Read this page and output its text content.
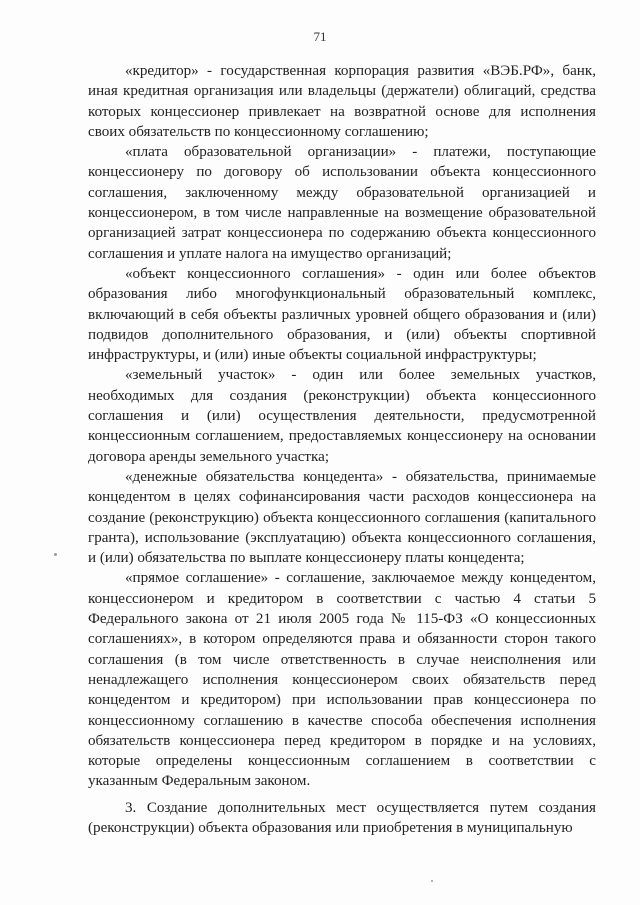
71

«кредитор» - государственная корпорация развития «ВЭБ.РФ», банк, иная кредитная организация или владельцы (держатели) облигаций, средства которых концессионер привлекает на возвратной основе для исполнения своих обязательств по концессионному соглашению;

«плата образовательной организации» - платежи, поступающие концессионеру по договору об использовании объекта концессионного соглашения, заключенному между образовательной организацией и концессионером, в том числе направленные на возмещение образовательной организацией затрат концессионера по содержанию объекта концессионного соглашения и уплате налога на имущество организаций;

«объект концессионного соглашения» - один или более объектов образования либо многофункциональный образовательный комплекс, включающий в себя объекты различных уровней общего образования и (или) подвидов дополнительного образования, и (или) объекты спортивной инфраструктуры, и (или) иные объекты социальной инфраструктуры;

«земельный участок» - один или более земельных участков, необходимых для создания (реконструкции) объекта концессионного соглашения и (или) осуществления деятельности, предусмотренной концессионным соглашением, предоставляемых концессионеру на основании договора аренды земельного участка;

«денежные обязательства концедента» - обязательства, принимаемые концедентом в целях софинансирования части расходов концессионера на создание (реконструкцию) объекта концессионного соглашения (капитального гранта), использование (эксплуатацию) объекта концессионного соглашения, и (или) обязательства по выплате концессионеру платы концедента;

«прямое соглашение» - соглашение, заключаемое между концедентом, концессионером и кредитором в соответствии с частью 4 статьи 5 Федерального закона от 21 июля 2005 года № 115-ФЗ «О концессионных соглашениях», в котором определяются права и обязанности сторон такого соглашения (в том числе ответственность в случае неисполнения или ненадлежащего исполнения концессионером своих обязательств перед концедентом и кредитором) при использовании прав концессионера по концессионному соглашению в качестве способа обеспечения исполнения обязательств концессионера перед кредитором в порядке и на условиях, которые определены концессионным соглашением в соответствии с указанным Федеральным законом.

3. Создание дополнительных мест осуществляется путем создания (реконструкции) объекта образования или приобретения в муниципальную
